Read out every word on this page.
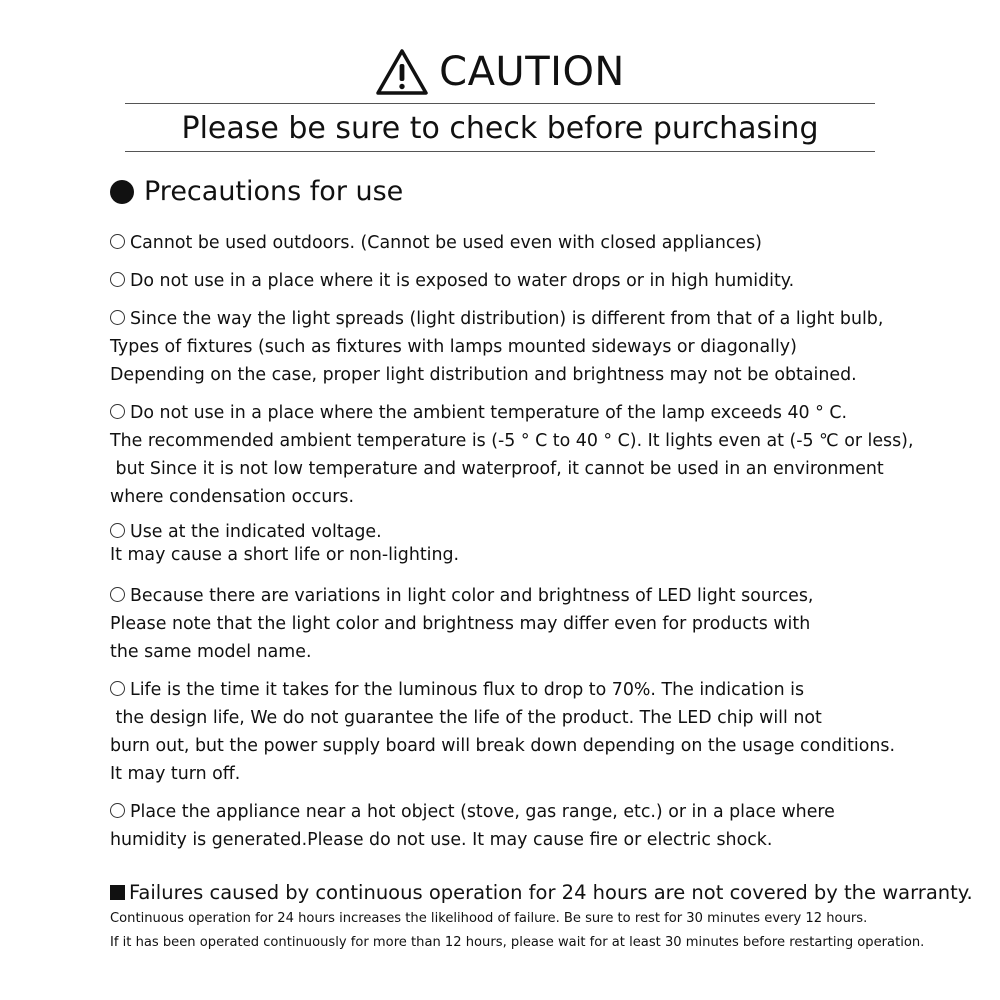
CAUTION
Please be sure to check before purchasing
Precautions for use
Cannot be used outdoors. (Cannot be used even with closed appliances)
Do not use in a place where it is exposed to water drops or in high humidity.
Since the way the light spreads (light distribution) is different from that of a light bulb,
Types of fixtures (such as fixtures with lamps mounted sideways or diagonally)
Depending on the case, proper light distribution and brightness may not be obtained.
Do not use in a place where the ambient temperature of the lamp exceeds 40 ° C.
The recommended ambient temperature is (-5 ° C to 40 ° C). It lights even at (-5 ℃ or less),
but Since it is not low temperature and waterproof, it cannot be used in an environment
where condensation occurs.
Use at the indicated voltage.
It may cause a short life or non-lighting.
Because there are variations in light color and brightness of LED light sources,
Please note that the light color and brightness may differ even for products with
the same model name.
Life is the time it takes for the luminous flux to drop to 70%. The indication is
the design life, We do not guarantee the life of the product. The LED chip will not
burn out, but the power supply board will break down depending on the usage conditions.
It may turn off.
Place the appliance near a hot object (stove, gas range, etc.) or in a place where
humidity is generated.Please do not use. It may cause fire or electric shock.
Failures caused by continuous operation for 24 hours are not covered by the warranty.
Continuous operation for 24 hours increases the likelihood of failure. Be sure to rest for 30 minutes every 12 hours.
If it has been operated continuously for more than 12 hours, please wait for at least 30 minutes before restarting operation.
